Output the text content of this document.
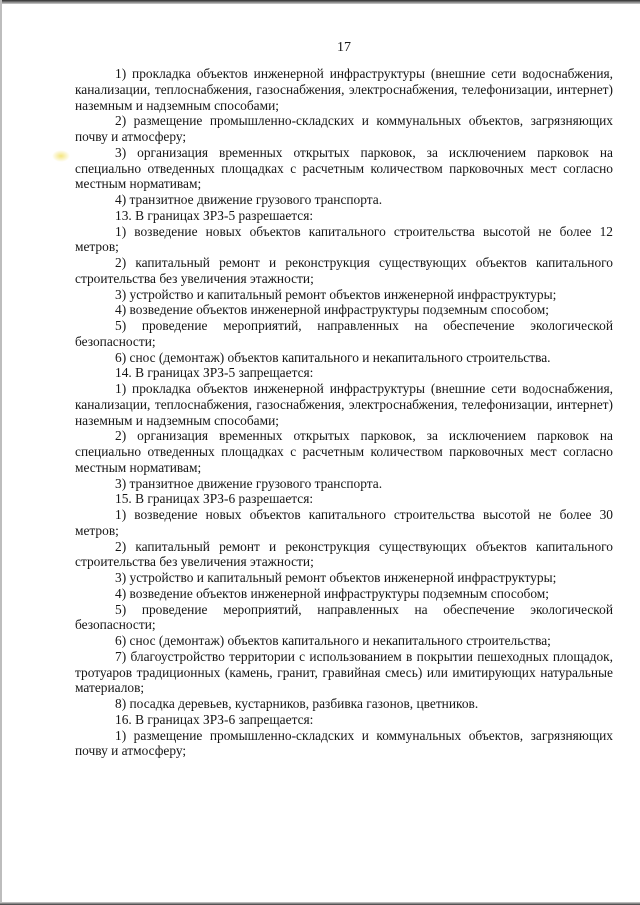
17

1) прокладка объектов инженерной инфраструктуры (внешние сети водоснабжения, канализации, теплоснабжения, газоснабжения, электроснабжения, телефонизации, интернет) наземным и надземным способами;

2) размещение промышленно-складских и коммунальных объектов, загрязняющих почву и атмосферу;

3) организация временных открытых парковок, за исключением парковок на специально отведенных площадках с расчетным количеством парковочных мест согласно местным нормативам;

4) транзитное движение грузового транспорта.

13. В границах ЗРЗ-5 разрешается:

1) возведение новых объектов капитального строительства высотой не более 12 метров;

2) капитальный ремонт и реконструкция существующих объектов капитального строительства без увеличения этажности;

3) устройство и капитальный ремонт объектов инженерной инфраструктуры;

4) возведение объектов инженерной инфраструктуры подземным способом;

5) проведение мероприятий, направленных на обеспечение экологической безопасности;

6) снос (демонтаж) объектов капитального и некапитального строительства.

14. В границах ЗРЗ-5 запрещается:

1) прокладка объектов инженерной инфраструктуры (внешние сети водоснабжения, канализации, теплоснабжения, газоснабжения, электроснабжения, телефонизации, интернет) наземным и надземным способами;

2) организация временных открытых парковок, за исключением парковок на специально отведенных площадках с расчетным количеством парковочных мест согласно местным нормативам;

3) транзитное движение грузового транспорта.

15. В границах ЗРЗ-6 разрешается:

1) возведение новых объектов капитального строительства высотой не более 30 метров;

2) капитальный ремонт и реконструкция существующих объектов капитального строительства без увеличения этажности;

3) устройство и капитальный ремонт объектов инженерной инфраструктуры;

4) возведение объектов инженерной инфраструктуры подземным способом;

5) проведение мероприятий, направленных на обеспечение экологической безопасности;

6) снос (демонтаж) объектов капитального и некапитального строительства;

7) благоустройство территории с использованием в покрытии пешеходных площадок, тротуаров традиционных (камень, гранит, гравийная смесь) или имитирующих натуральные материалов;

8) посадка деревьев, кустарников, разбивка газонов, цветников.

16. В границах ЗРЗ-6 запрещается:

1) размещение промышленно-складских и коммунальных объектов, загрязняющих почву и атмосферу;
